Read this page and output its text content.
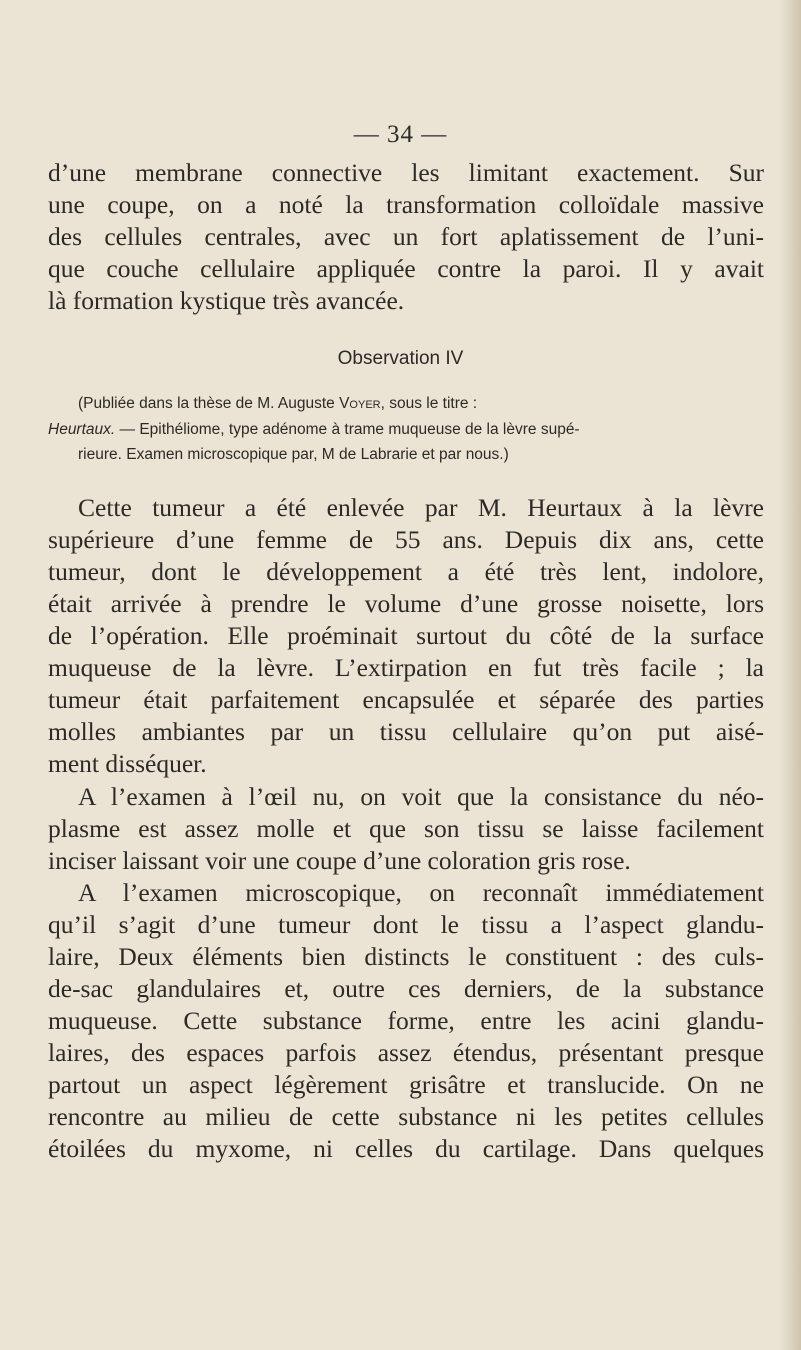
— 34 —
d’une membrane connective les limitant exactement. Sur
une coupe, on a noté la transformation colloïdale massive
des cellules centrales, avec un fort aplatissement de l’uni-
que couche cellulaire appliquée contre la paroi. Il y avait
là formation kystique très avancée.
Observation IV
(Publiée dans la thèse de M. Auguste Voyer, sous le titre :
Heurtaux. — Epithéliome, type adénome à trame muqueuse de la lèvre supé-
rieure. Examen microscopique par, M de Labrarie et par nous.)
Cette tumeur a été enlevée par M. Heurtaux à la lèvre
supérieure d’une femme de 55 ans. Depuis dix ans, cette
tumeur, dont le développement a été très lent, indolore,
était arrivée à prendre le volume d’une grosse noisette, lors
de l’opération. Elle proéminait surtout du côté de la surface
muqueuse de la lèvre. L’extirpation en fut très facile ; la
tumeur était parfaitement encapsulée et séparée des parties
molles ambiantes par un tissu cellulaire qu’on put aisé-
ment disséquer.
A l’examen à l’œil nu, on voit que la consistance du néo-
plasme est assez molle et que son tissu se laisse facilement
inciser laissant voir une coupe d’une coloration gris rose.
A l’examen microscopique, on reconnaît immédiatement
qu’il s’agit d’une tumeur dont le tissu a l’aspect glandu-
laire, Deux éléments bien distincts le constituent : des culs-
de-sac glandulaires et, outre ces derniers, de la substance
muqueuse. Cette substance forme, entre les acini glandu-
laires, des espaces parfois assez étendus, présentant presque
partout un aspect légèrement grisâtre et translucide. On ne
rencontre au milieu de cette substance ni les petites cellules
étoilées du myxome, ni celles du cartilage. Dans quelques
